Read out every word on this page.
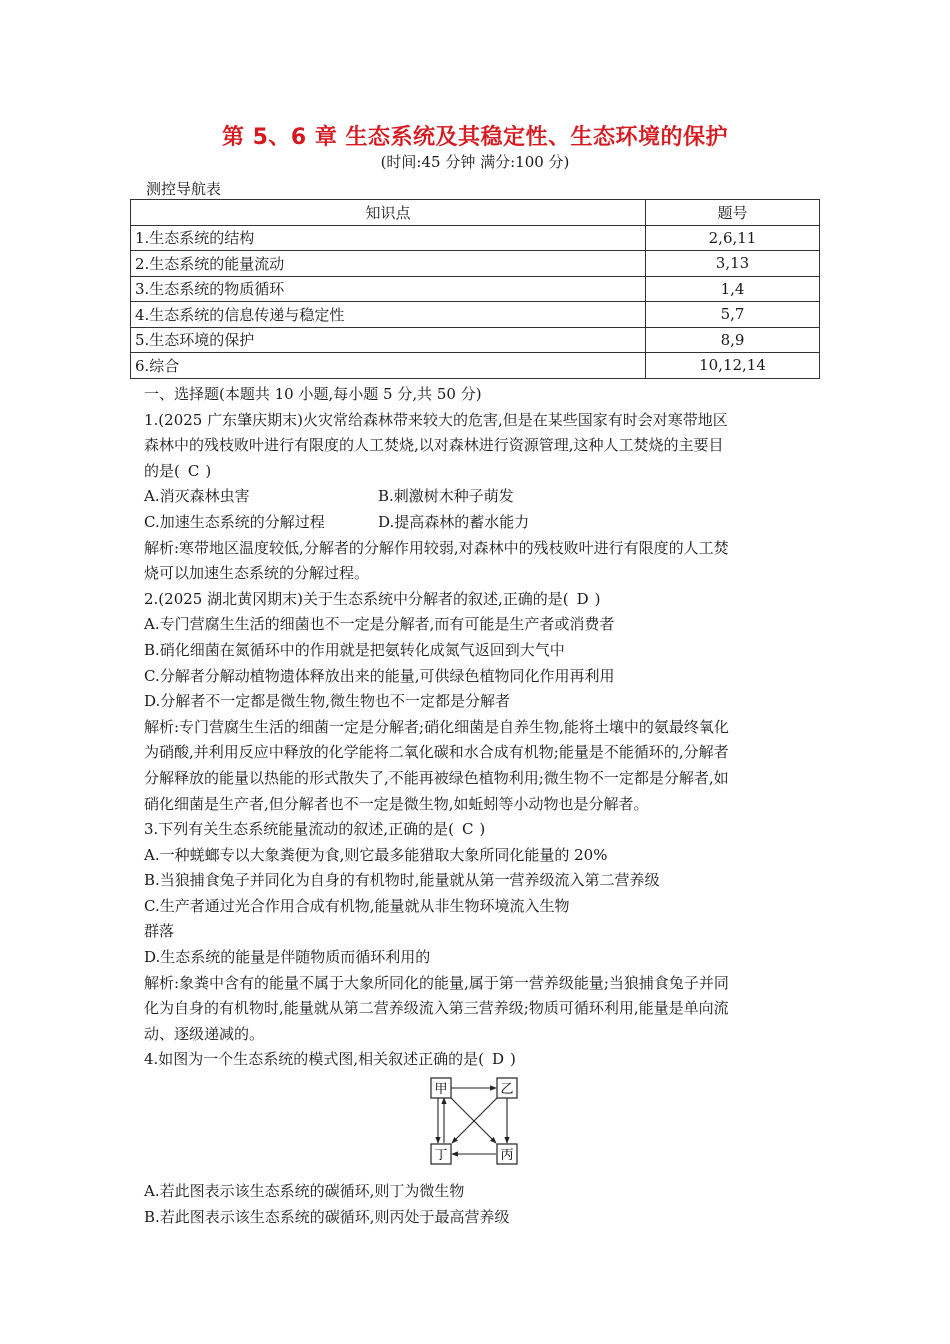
第 5、6 章 生态系统及其稳定性、生态环境的保护
(时间:45 分钟 满分:100 分)
测控导航表
知识点	题号
1.生态系统的结构	2,6,11
2.生态系统的能量流动	3,13
3.生态系统的物质循环	1,4
4.生态系统的信息传递与稳定性	5,7
5.生态环境的保护	8,9
6.综合	10,12,14
一、选择题(本题共 10 小题,每小题 5 分,共 50 分)
1.(2025 广东肇庆期末)火灾常给森林带来较大的危害,但是在某些国家有时会对寒带地区
森林中的残枝败叶进行有限度的人工焚烧,以对森林进行资源管理,这种人工焚烧的主要目
的是( C )
A.消灭森林虫害	B.刺激树木种子萌发
C.加速生态系统的分解过程	D.提高森林的蓄水能力
解析:寒带地区温度较低,分解者的分解作用较弱,对森林中的残枝败叶进行有限度的人工焚
烧可以加速生态系统的分解过程。
2.(2025 湖北黄冈期末)关于生态系统中分解者的叙述,正确的是( D )
A.专门营腐生生活的细菌也不一定是分解者,而有可能是生产者或消费者
B.硝化细菌在氮循环中的作用就是把氨转化成氮气返回到大气中
C.分解者分解动植物遗体释放出来的能量,可供绿色植物同化作用再利用
D.分解者不一定都是微生物,微生物也不一定都是分解者
解析:专门营腐生生活的细菌一定是分解者;硝化细菌是自养生物,能将土壤中的氨最终氧化
为硝酸,并利用反应中释放的化学能将二氧化碳和水合成有机物;能量是不能循环的,分解者
分解释放的能量以热能的形式散失了,不能再被绿色植物利用;微生物不一定都是分解者,如
硝化细菌是生产者,但分解者也不一定是微生物,如蚯蚓等小动物也是分解者。
3.下列有关生态系统能量流动的叙述,正确的是( C )
A.一种蜣螂专以大象粪便为食,则它最多能猎取大象所同化能量的 20%
B.当狼捕食兔子并同化为自身的有机物时,能量就从第一营养级流入第二营养级
C.生产者通过光合作用合成有机物,能量就从非生物环境流入生物
群落
D.生态系统的能量是伴随物质而循环利用的
解析:象粪中含有的能量不属于大象所同化的能量,属于第一营养级能量;当狼捕食兔子并同
化为自身的有机物时,能量就从第二营养级流入第三营养级;物质可循环利用,能量是单向流
动、逐级递减的。
4.如图为一个生态系统的模式图,相关叙述正确的是( D )
甲	乙
丁	丙
A.若此图表示该生态系统的碳循环,则丁为微生物
B.若此图表示该生态系统的碳循环,则丙处于最高营养级
